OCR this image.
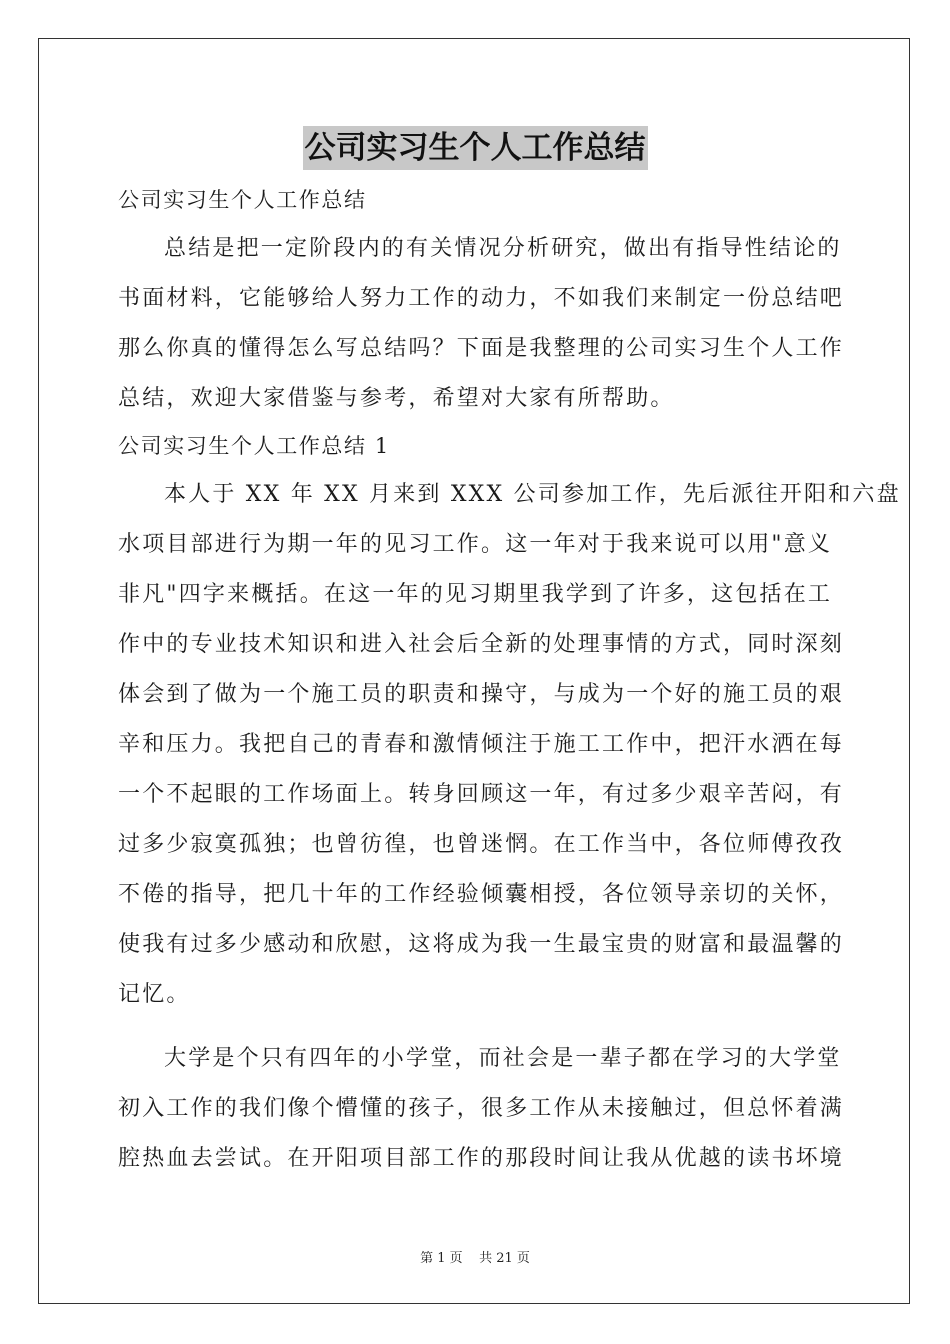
公司实习生个人工作总结

公司实习生个人工作总结

总结是把一定阶段内的有关情况分析研究，做出有指导性结论的

书面材料，它能够给人努力工作的动力，不如我们来制定一份总结吧

那么你真的懂得怎么写总结吗？下面是我整理的公司实习生个人工作

总结，欢迎大家借鉴与参考，希望对大家有所帮助。

公司实习生个人工作总结 1

本人于 XX 年 XX 月来到 XXX 公司参加工作，先后派往开阳和六盘

水项目部进行为期一年的见习工作。这一年对于我来说可以用"意义

非凡"四字来概括。在这一年的见习期里我学到了许多，这包括在工

作中的专业技术知识和进入社会后全新的处理事情的方式，同时深刻

体会到了做为一个施工员的职责和操守，与成为一个好的施工员的艰

辛和压力。我把自己的青春和激情倾注于施工工作中，把汗水洒在每

一个不起眼的工作场面上。转身回顾这一年，有过多少艰辛苦闷，有

过多少寂寞孤独；也曾彷徨，也曾迷惘。在工作当中，各位师傅孜孜

不倦的指导，把几十年的工作经验倾囊相授，各位领导亲切的关怀，

使我有过多少感动和欣慰，这将成为我一生最宝贵的财富和最温馨的

记忆。

大学是个只有四年的小学堂，而社会是一辈子都在学习的大学堂

初入工作的我们像个懵懂的孩子，很多工作从未接触过，但总怀着满

腔热血去尝试。在开阳项目部工作的那段时间让我从优越的读书坏境

第 1 页    共 21 页
